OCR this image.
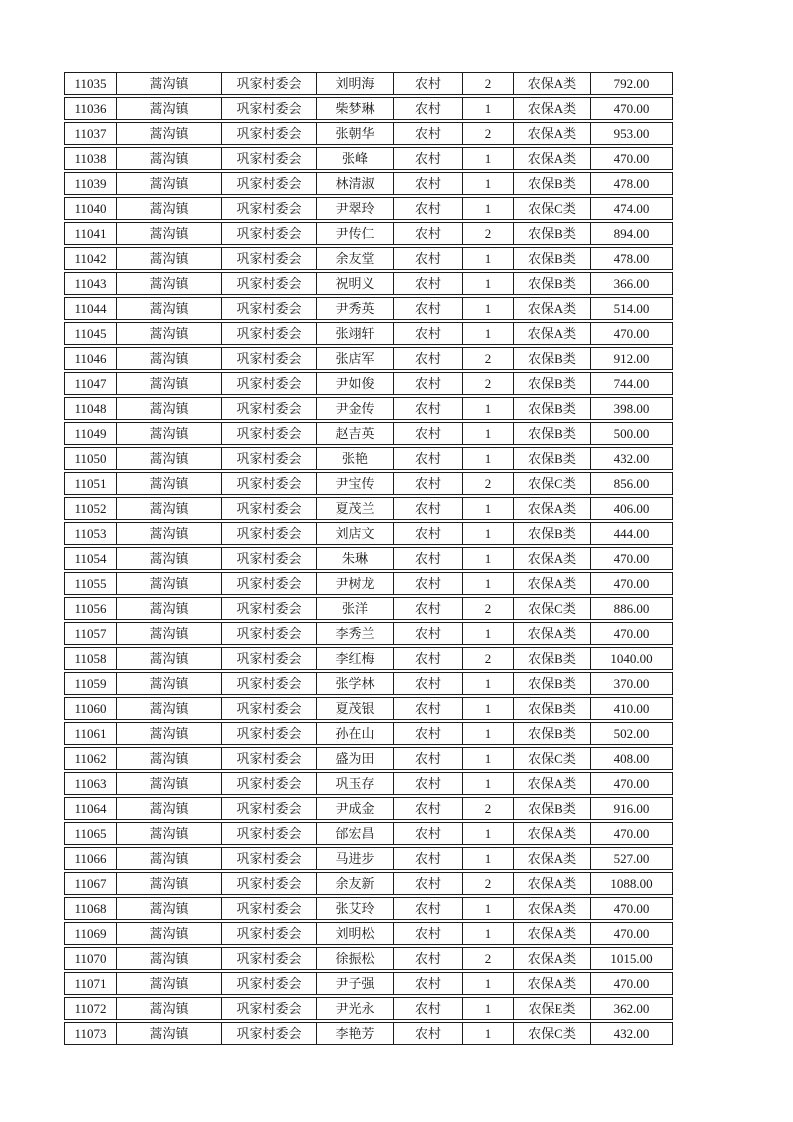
11035	蒿沟镇	巩家村委会	刘明海	农村	2	农保A类	792.00
11036	蒿沟镇	巩家村委会	柴梦琳	农村	1	农保A类	470.00
11037	蒿沟镇	巩家村委会	张朝华	农村	2	农保A类	953.00
11038	蒿沟镇	巩家村委会	张峰	农村	1	农保A类	470.00
11039	蒿沟镇	巩家村委会	林清淑	农村	1	农保B类	478.00
11040	蒿沟镇	巩家村委会	尹翠玲	农村	1	农保C类	474.00
11041	蒿沟镇	巩家村委会	尹传仁	农村	2	农保B类	894.00
11042	蒿沟镇	巩家村委会	余友堂	农村	1	农保B类	478.00
11043	蒿沟镇	巩家村委会	祝明义	农村	1	农保B类	366.00
11044	蒿沟镇	巩家村委会	尹秀英	农村	1	农保A类	514.00
11045	蒿沟镇	巩家村委会	张翊轩	农村	1	农保A类	470.00
11046	蒿沟镇	巩家村委会	张店军	农村	2	农保B类	912.00
11047	蒿沟镇	巩家村委会	尹如俊	农村	2	农保B类	744.00
11048	蒿沟镇	巩家村委会	尹金传	农村	1	农保B类	398.00
11049	蒿沟镇	巩家村委会	赵吉英	农村	1	农保B类	500.00
11050	蒿沟镇	巩家村委会	张艳	农村	1	农保B类	432.00
11051	蒿沟镇	巩家村委会	尹宝传	农村	2	农保C类	856.00
11052	蒿沟镇	巩家村委会	夏茂兰	农村	1	农保A类	406.00
11053	蒿沟镇	巩家村委会	刘店文	农村	1	农保B类	444.00
11054	蒿沟镇	巩家村委会	朱琳	农村	1	农保A类	470.00
11055	蒿沟镇	巩家村委会	尹树龙	农村	1	农保A类	470.00
11056	蒿沟镇	巩家村委会	张洋	农村	2	农保C类	886.00
11057	蒿沟镇	巩家村委会	李秀兰	农村	1	农保A类	470.00
11058	蒿沟镇	巩家村委会	李红梅	农村	2	农保B类	1040.00
11059	蒿沟镇	巩家村委会	张学林	农村	1	农保B类	370.00
11060	蒿沟镇	巩家村委会	夏茂银	农村	1	农保B类	410.00
11061	蒿沟镇	巩家村委会	孙在山	农村	1	农保B类	502.00
11062	蒿沟镇	巩家村委会	盛为田	农村	1	农保C类	408.00
11063	蒿沟镇	巩家村委会	巩玉存	农村	1	农保A类	470.00
11064	蒿沟镇	巩家村委会	尹成金	农村	2	农保B类	916.00
11065	蒿沟镇	巩家村委会	邰宏昌	农村	1	农保A类	470.00
11066	蒿沟镇	巩家村委会	马进步	农村	1	农保A类	527.00
11067	蒿沟镇	巩家村委会	余友新	农村	2	农保A类	1088.00
11068	蒿沟镇	巩家村委会	张艾玲	农村	1	农保A类	470.00
11069	蒿沟镇	巩家村委会	刘明松	农村	1	农保A类	470.00
11070	蒿沟镇	巩家村委会	徐振松	农村	2	农保A类	1015.00
11071	蒿沟镇	巩家村委会	尹子强	农村	1	农保A类	470.00
11072	蒿沟镇	巩家村委会	尹光永	农村	1	农保E类	362.00
11073	蒿沟镇	巩家村委会	李艳芳	农村	1	农保C类	432.00
